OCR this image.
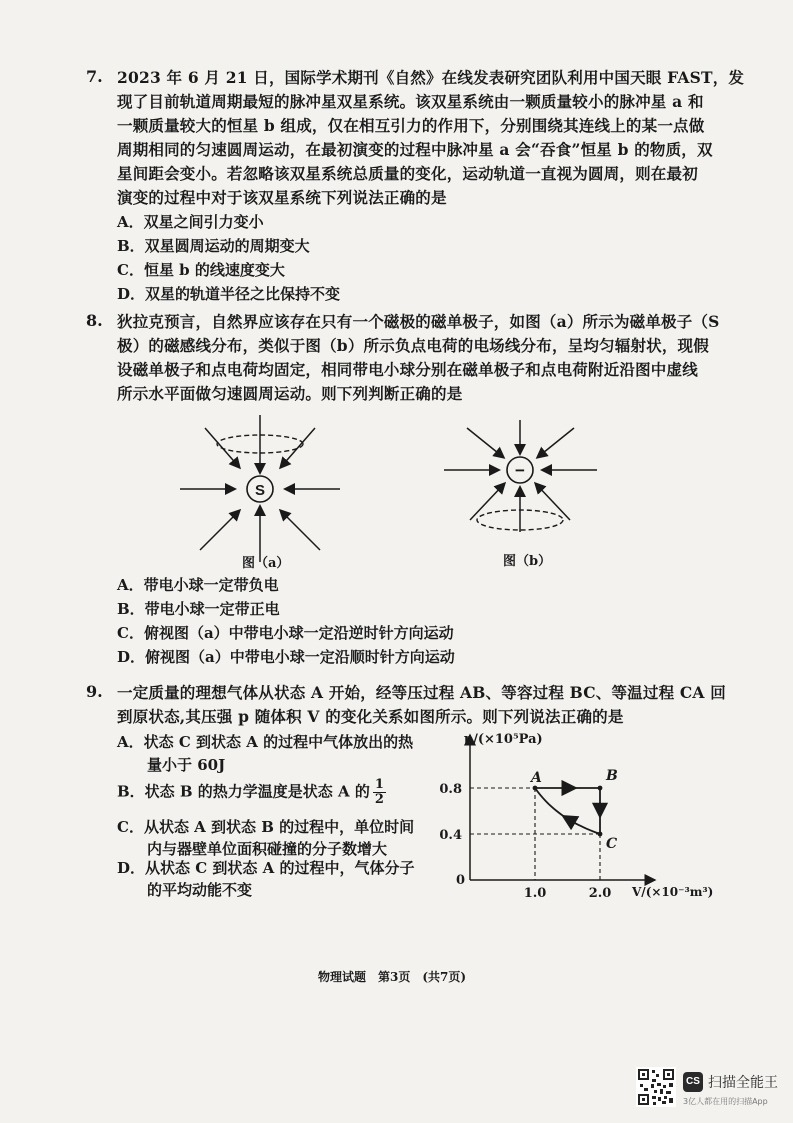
7. 2023 年 6 月 21 日，国际学术期刊《自然》在线发表研究团队利用中国天眼 FAST，发
现了目前轨道周期最短的脉冲星双星系统。该双星系统由一颗质量较小的脉冲星 a 和
一颗质量较大的恒星 b 组成，仅在相互引力的作用下，分别围绕其连线上的某一点做
周期相同的匀速圆周运动，在最初演变的过程中脉冲星 a 会“吞食”恒星 b 的物质，双
星间距会变小。若忽略该双星系统总质量的变化，运动轨道一直视为圆周，则在最初
演变的过程中对于该双星系统下列说法正确的是
A．双星之间引力变小
B．双星圆周运动的周期变大
C．恒星 b 的线速度变大
D．双星的轨道半径之比保持不变
8. 狄拉克预言，自然界应该存在只有一个磁极的磁单极子，如图（a）所示为磁单极子（S
极）的磁感线分布，类似于图（b）所示负点电荷的电场线分布，呈均匀辐射状，现假
设磁单极子和点电荷均固定，相同带电小球分别在磁单极子和点电荷附近沿图中虚线
所示水平面做匀速圆周运动。则下列判断正确的是
S
图（a）
−
图（b）
A．带电小球一定带负电
B．带电小球一定带正电
C．俯视图（a）中带电小球一定沿逆时针方向运动
D．俯视图（a）中带电小球一定沿顺时针方向运动
9. 一定质量的理想气体从状态 A 开始，经等压过程 AB、等容过程 BC、等温过程 CA 回
到原状态,其压强 p 随体积 V 的变化关系如图所示。则下列说法正确的是
A．状态 C 到状态 A 的过程中气体放出的热
量小于 60J
B．状态 B 的热力学温度是状态 A 的 $\frac{1}{2}$
C．从状态 A 到状态 B 的过程中，单位时间
内与器壁单位面积碰撞的分子数增大
D．从状态 C 到状态 A 的过程中，气体分子
的平均动能不变
p/(×10⁵Pa)
V/(×10⁻³m³)
0
1.0	2.0
0.8
0.4
A	B
C
物理试题　第3页　(共7页)
CS 扫描全能王
3亿人都在用的扫描App
